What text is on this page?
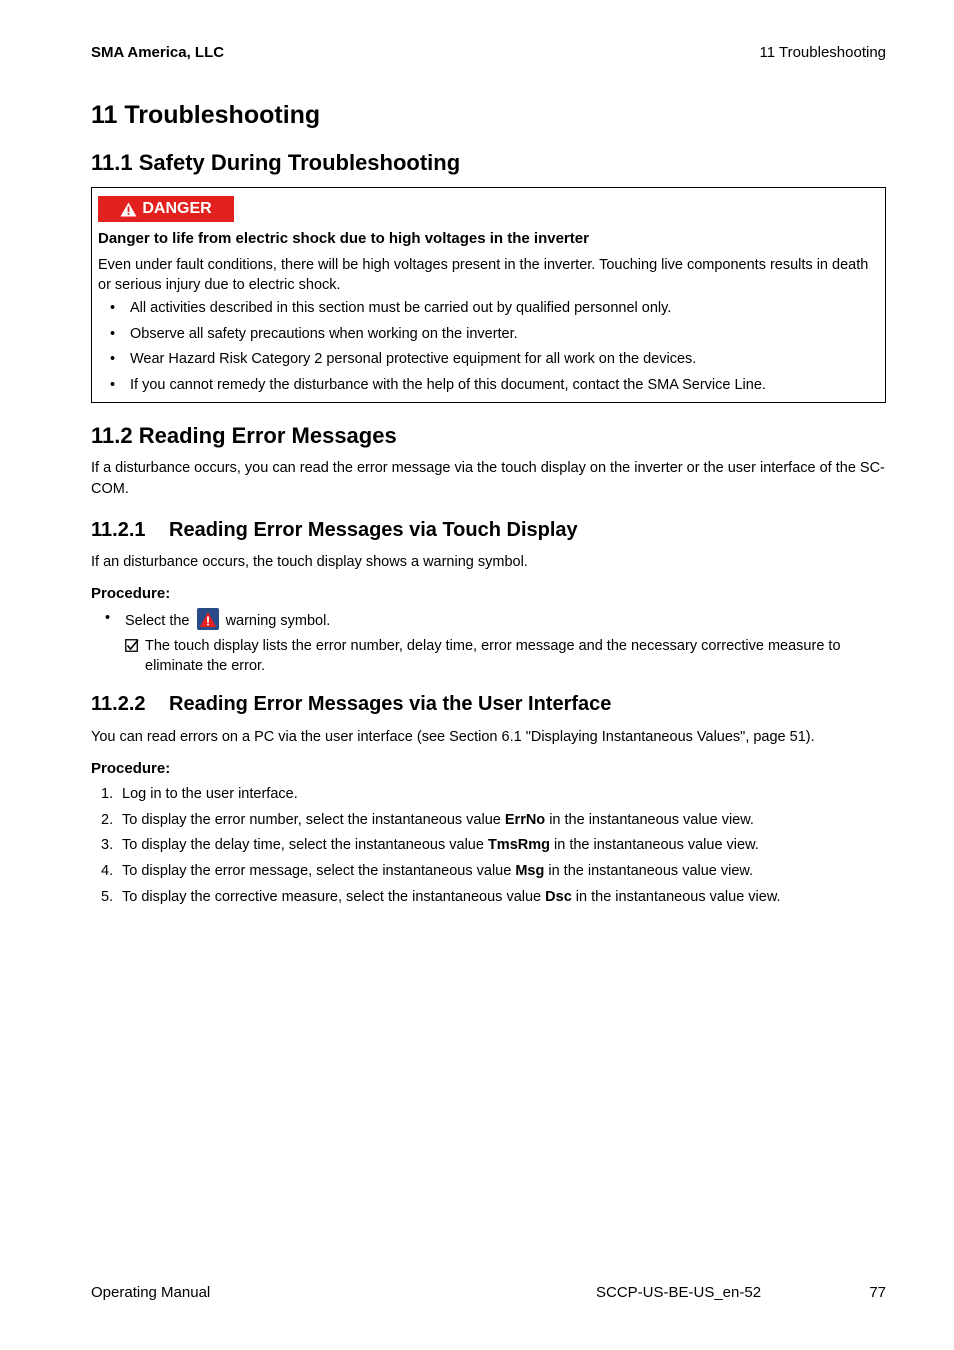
SMA America, LLC	11 Troubleshooting
11 Troubleshooting
11.1 Safety During Troubleshooting
DANGER
Danger to life from electric shock due to high voltages in the inverter
Even under fault conditions, there will be high voltages present in the inverter. Touching live components results in death or serious injury due to electric shock.
• All activities described in this section must be carried out by qualified personnel only.
• Observe all safety precautions when working on the inverter.
• Wear Hazard Risk Category 2 personal protective equipment for all work on the devices.
• If you cannot remedy the disturbance with the help of this document, contact the SMA Service Line.
11.2 Reading Error Messages
If a disturbance occurs, you can read the error message via the touch display on the inverter or the user interface of the SC-COM.
11.2.1 Reading Error Messages via Touch Display
If an disturbance occurs, the touch display shows a warning symbol.
Procedure:
• Select the warning symbol.
The touch display lists the error number, delay time, error message and the necessary corrective measure to eliminate the error.
11.2.2 Reading Error Messages via the User Interface
You can read errors on a PC via the user interface (see Section 6.1 "Displaying Instantaneous Values", page 51).
Procedure:
1. Log in to the user interface.
2. To display the error number, select the instantaneous value ErrNo in the instantaneous value view.
3. To display the delay time, select the instantaneous value TmsRmg in the instantaneous value view.
4. To display the error message, select the instantaneous value Msg in the instantaneous value view.
5. To display the corrective measure, select the instantaneous value Dsc in the instantaneous value view.
Operating Manual	SCCP-US-BE-US_en-52	77
